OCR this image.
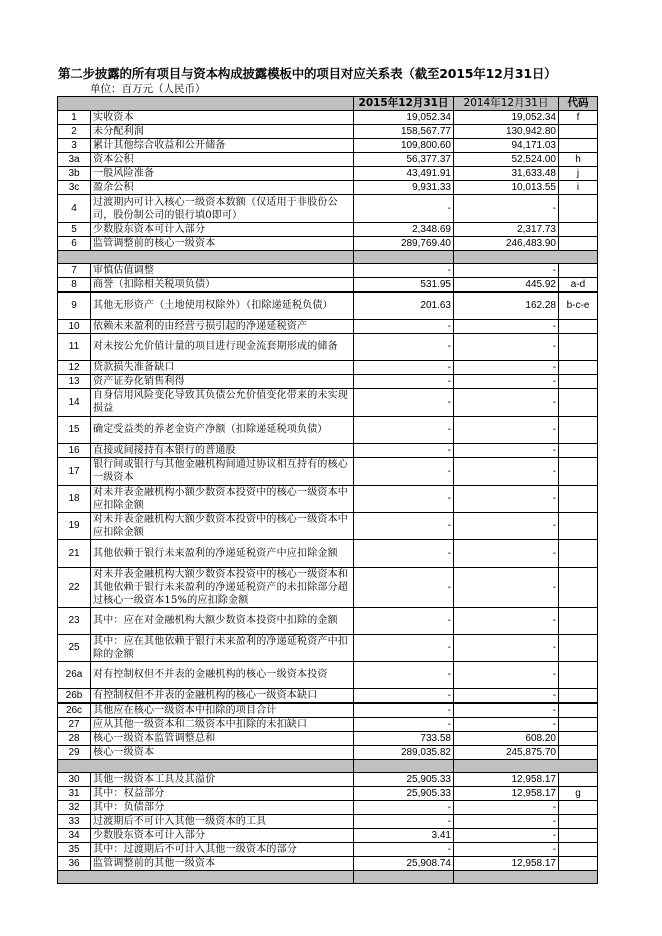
第二步披露的所有项目与资本构成披露模板中的项目对应关系表（截至2015年12月31日）
单位：百万元（人民币）
		2015年12月31日	2014年12月31日	代码
1	实收资本	19,052.34	19,052.34	f
2	未分配利润	158,567.77	130,942.80	
3	累计其他综合收益和公开储备	109,800.60	94,171.03	
3a	资本公积	56,377.37	52,524.00	h
3b	一般风险准备	43,491.91	31,633.48	j
3c	盈余公积	9,931.33	10,013.55	i
4	过渡期内可计入核心一级资本数额（仅适用于非股份公司，股份制公司的银行填0即可）	-	-	
5	少数股东资本可计入部分	2,348.69	2,317.73	
6	监管调整前的核心一级资本	289,769.40	246,483.90	

7	审慎估值调整	-	-	
8	商誉（扣除相关税项负债）	531.95	445.92	a-d
9	其他无形资产（土地使用权除外）（扣除递延税负债）	201.63	162.28	b-c-e
10	依赖未来盈利的由经营亏损引起的净递延税资产	-	-	
11	对未按公允价值计量的项目进行现金流套期形成的储备	-	-	
12	贷款损失准备缺口	-	-	
13	资产证券化销售利得	-	-	
14	自身信用风险变化导致其负债公允价值变化带来的未实现损益	-	-	
15	确定受益类的养老金资产净额（扣除递延税项负债）	-	-	
16	直接或间接持有本银行的普通股	-	-	
17	银行间或银行与其他金融机构间通过协议相互持有的核心一级资本	-	-	
18	对未并表金融机构小额少数资本投资中的核心一级资本中应扣除金额	-	-	
19	对未并表金融机构大额少数资本投资中的核心一级资本中应扣除金额	-	-	
21	其他依赖于银行未来盈利的净递延税资产中应扣除金额	-	-	
22	对未并表金融机构大额少数资本投资中的核心一级资本和其他依赖于银行未来盈利的净递延税资产的未扣除部分超过核心一级资本15%的应扣除金额	-	-	
23	其中：应在对金融机构大额少数资本投资中扣除的金额	-	-	
25	其中：应在其他依赖于银行未来盈利的净递延税资产中扣除的金额	-	-	
26a	对有控制权但不并表的金融机构的核心一级资本投资	-	-	
26b	有控制权但不并表的金融机构的核心一级资本缺口	-	-	
26c	其他应在核心一级资本中扣除的项目合计	-	-	
27	应从其他一级资本和二级资本中扣除的未扣缺口	-	-	
28	核心一级资本监管调整总和	733.58	608.20	
29	核心一级资本	289,035.82	245,875.70	

30	其他一级资本工具及其溢价	25,905.33	12,958.17	
31	其中：权益部分	25,905.33	12,958.17	g
32	其中：负债部分	-	-	
33	过渡期后不可计入其他一级资本的工具	-	-	
34	少数股东资本可计入部分	3.41	-	
35	其中：过渡期后不可计入其他一级资本的部分	-	-	
36	监管调整前的其他一级资本	25,908.74	12,958.17	
